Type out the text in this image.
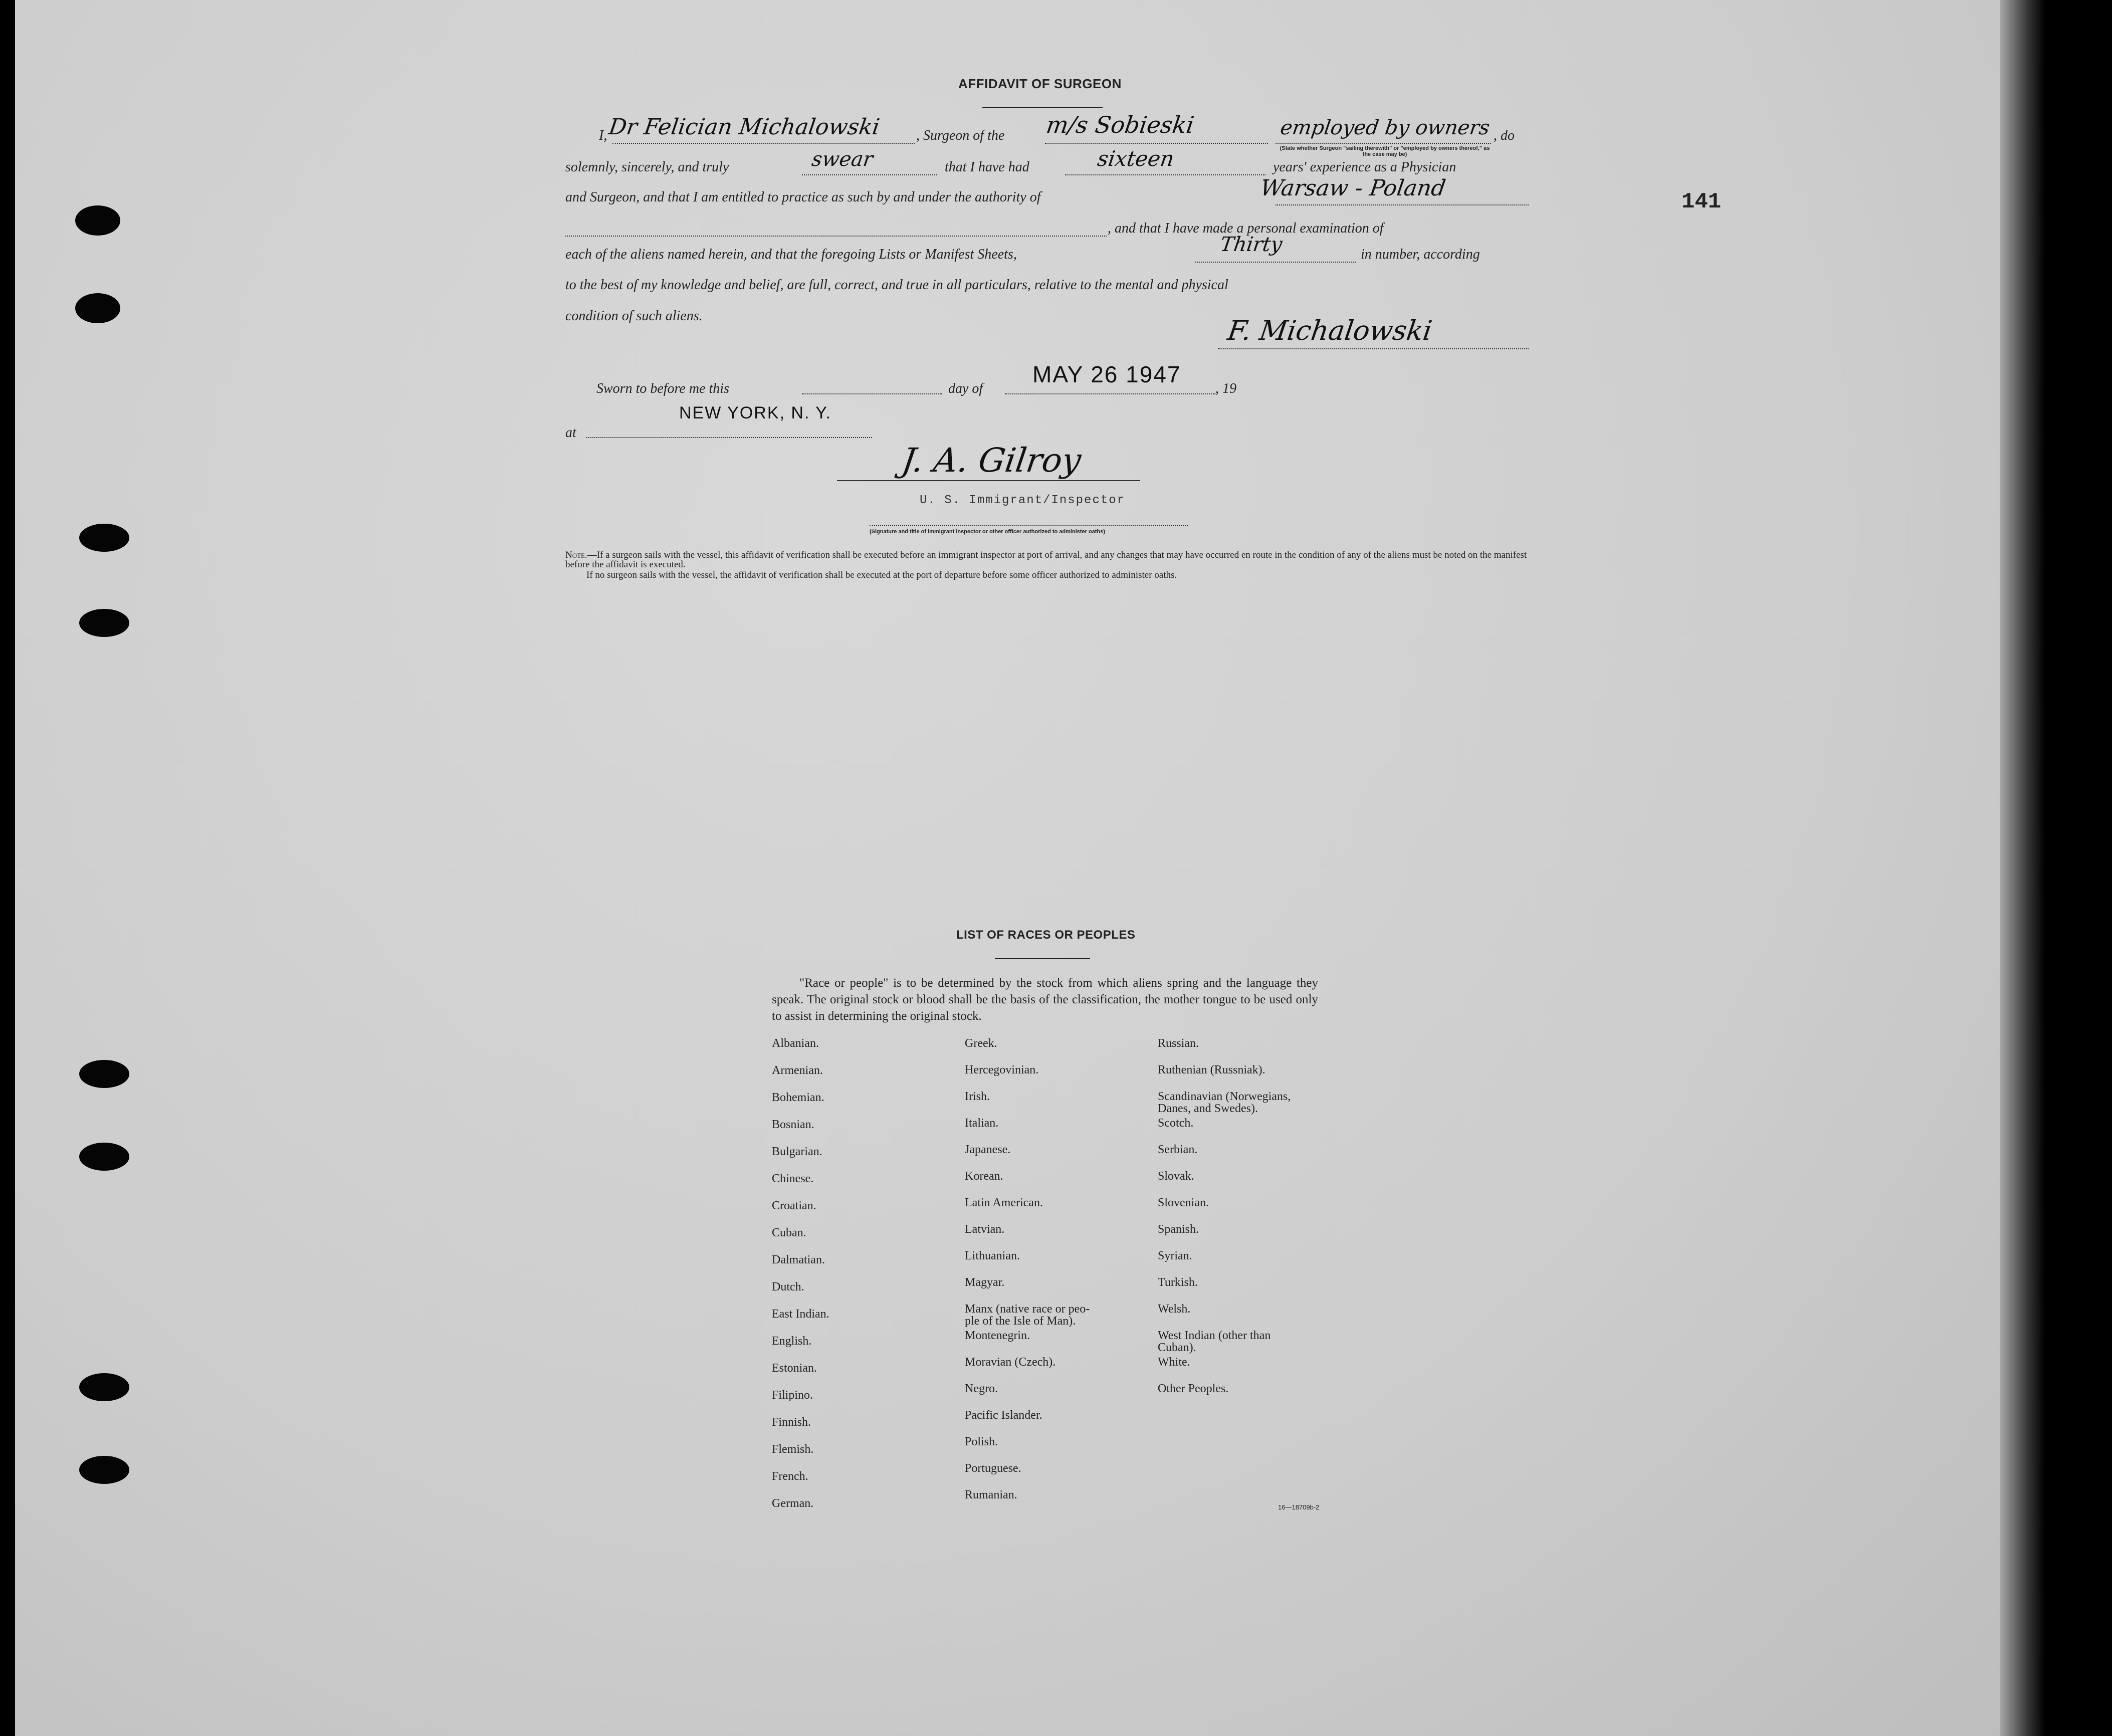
141
AFFIDAVIT OF SURGEON
I, Dr Felician Michalowski , Surgeon of the m/s Sobieski	employed by owners
(State whether Surgeon "sailing therewith" or "employed by owners thereof," as the case may be)
, do
solemnly, sincerely, and truly	swear	that I have had	sixteen	years' experience as a Physician
and Surgeon, and that I am entitled to practice as such by and under the authority of	Warsaw - Poland
, and that I have made a personal examination of
each of the aliens named herein, and that the foregoing Lists or Manifest Sheets,	Thirty	in number, according
to the best of my knowledge and belief, are full, correct, and true in all particulars, relative to the mental and physical
condition of such aliens.	F. Michalowski
Sworn to before me this	day of
MAY 26 1947
, 19
at
NEW YORK, N. Y.
J. A. Gilroy
U. S. Immigrant/Inspector
(Signature and title of immigrant inspector or other officer authorized to administer oaths)
Note.—If a surgeon sails with the vessel, this affidavit of verification shall be executed before an immigrant inspector at port of arrival, and any changes that may have occurred en route in the condition of any of the aliens must be noted on the manifest before the affidavit is executed.
If no surgeon sails with the vessel, the affidavit of verification shall be executed at the port of departure before some officer authorized to administer oaths.
LIST OF RACES OR PEOPLES
"Race or people" is to be determined by the stock from which aliens spring and the language they speak. The original stock or blood shall be the basis of the classification, the mother tongue to be used only to assist in determining the original stock.
Albanian.
Armenian.
Bohemian.
Bosnian.
Bulgarian.
Chinese.
Croatian.
Cuban.
Dalmatian.
Dutch.
East Indian.
English.
Estonian.
Filipino.
Finnish.
Flemish.
French.
German.
Greek.
Hercegovinian.
Irish.
Italian.
Japanese.
Korean.
Latin American.
Latvian.
Lithuanian.
Magyar.
Manx (native race or peo-
ple of the Isle of Man).
Montenegrin.
Moravian (Czech).
Negro.
Pacific Islander.
Polish.
Portuguese.
Rumanian.
Russian.
Ruthenian (Russniak).
Scandinavian (Norwegians,
Danes, and Swedes).
Scotch.
Serbian.
Slovak.
Slovenian.
Spanish.
Syrian.
Turkish.
Welsh.
West Indian (other than
Cuban).
White.
Other Peoples.
16—18709b-2
